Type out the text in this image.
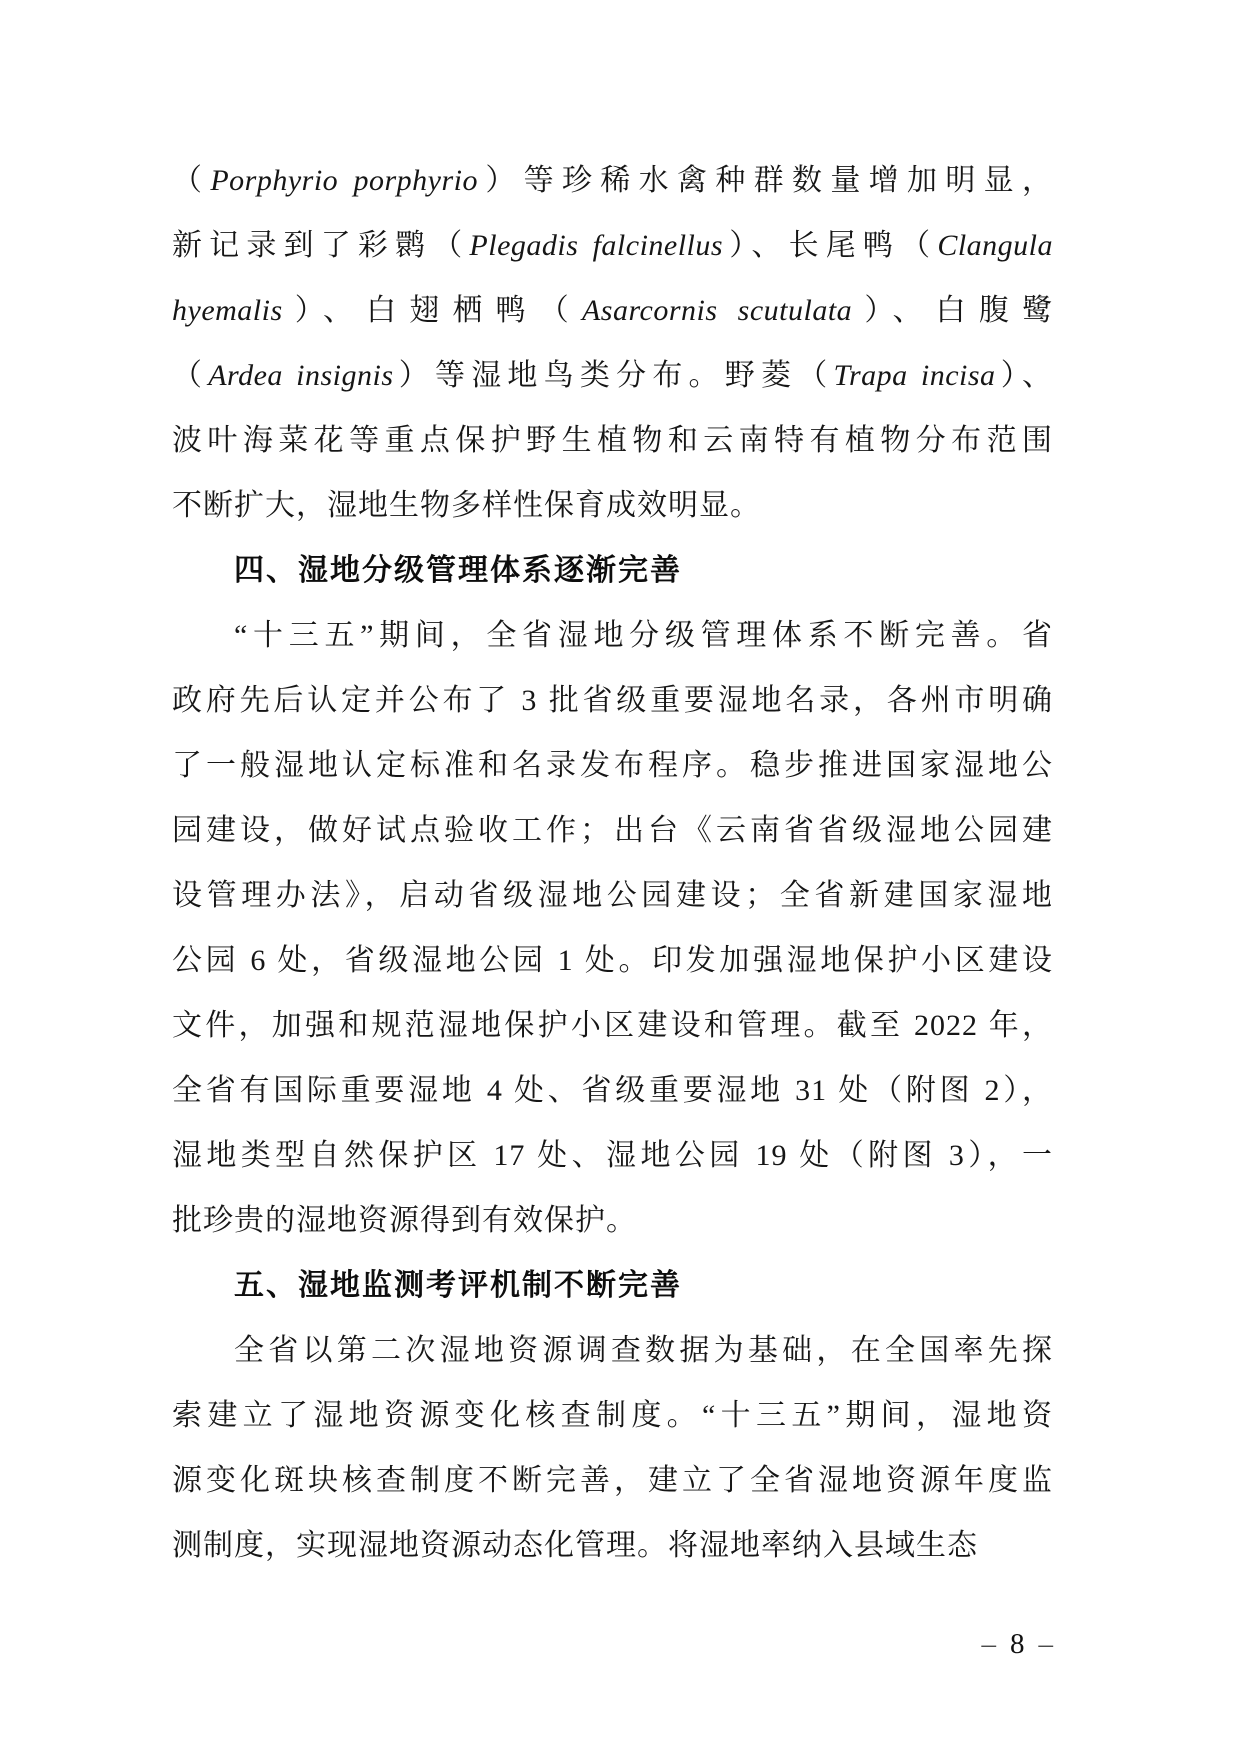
（Porphyrio porphyrio）等珍稀水禽种群数量增加明显，
新记录到了彩鹮（Plegadis falcinellus）、长尾鸭（Clangula
hyemalis）、白翅栖鸭（Asarcornis scutulata）、白腹鹭
（Ardea insignis）等湿地鸟类分布。野菱（Trapa incisa）、
波叶海菜花等重点保护野生植物和云南特有植物分布范围
不断扩大，湿地生物多样性保育成效明显。
四、湿地分级管理体系逐渐完善
“十三五”期间，全省湿地分级管理体系不断完善。省
政府先后认定并公布了 3 批省级重要湿地名录，各州市明确
了一般湿地认定标准和名录发布程序。稳步推进国家湿地公
园建设，做好试点验收工作；出台《云南省省级湿地公园建
设管理办法》，启动省级湿地公园建设；全省新建国家湿地
公园 6 处，省级湿地公园 1 处。印发加强湿地保护小区建设
文件，加强和规范湿地保护小区建设和管理。截至 2022 年，
全省有国际重要湿地 4 处、省级重要湿地 31 处（附图 2），
湿地类型自然保护区 17 处、湿地公园 19 处（附图 3），一
批珍贵的湿地资源得到有效保护。
五、湿地监测考评机制不断完善
全省以第二次湿地资源调查数据为基础，在全国率先探
索建立了湿地资源变化核查制度。“十三五”期间，湿地资
源变化斑块核查制度不断完善，建立了全省湿地资源年度监
测制度，实现湿地资源动态化管理。将湿地率纳入县域生态
– 8 –
